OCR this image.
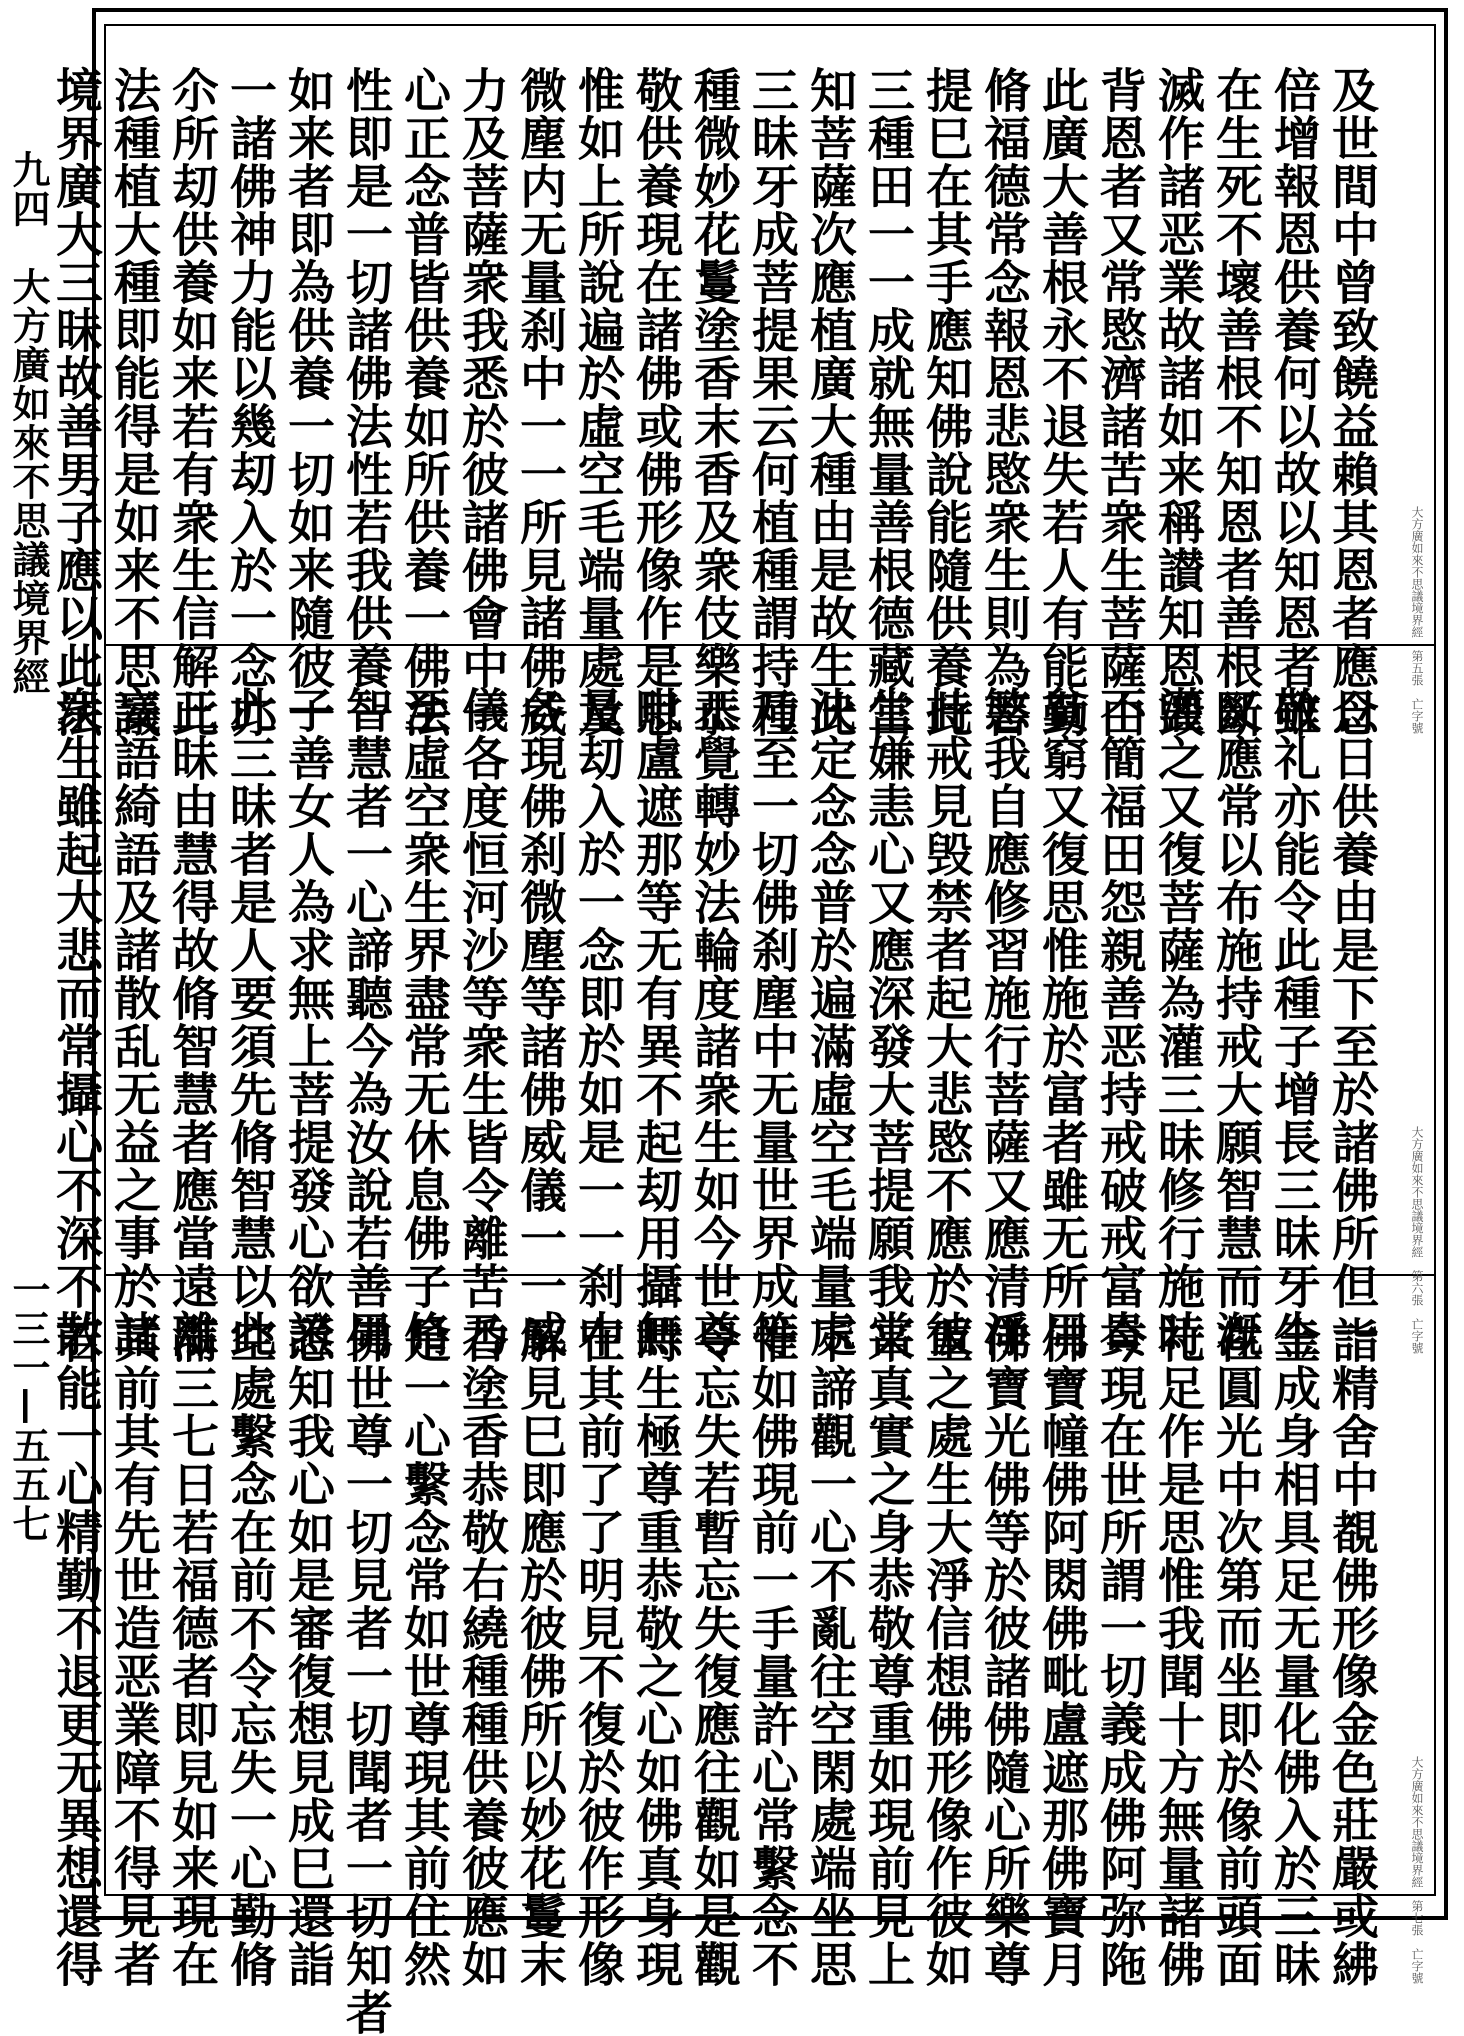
九四　大方廣如來不思議境界經
一三一—五五七
大方廣如來不思議境界經　第五張　亡字號
及世間中曾致饒益賴其恩者應念
倍增報恩供養何以故以知恩者雖
在生死不壞善根不知恩者善根斷
滅作諸恶業故諸如来稱讃知恩毁
背恩者又常愍濟諸苦衆生菩薩由
此廣大善根永不退失若人有能勤
脩福德常念報恩悲愍衆生則為菩
提巳在其手應知佛說能隨供養此
三種田一一成就無量善根德藏當
知菩薩次應植廣大種由是故生此
三昧牙成菩提果云何植種謂持種
種微妙花鬘塗香末香及衆伎樂恭
敬供養現在諸佛或佛形像作是思
惟如上所說遍於虛空毛端量處及
微塵内无量刹中一一所見諸佛威
力及菩薩衆我悉於彼諸佛會中一
心正念普皆供養如所供養一佛法
性即是一切諸佛法性若我供養一
如来者即為供養一切如来隨彼一
一諸佛神力能以幾刧入於一念亦
尒所刧供養如来若有衆生信解此
法種植大種即能得是如来不思議
境界廣大三昧故善男子應以此法
大方廣如來不思議境界經　第六張　亡字號
日日供養由是下至於諸佛所但一
敬礼亦能令此種子增長三昧牙生
又應常以布施持戒大願智慧而漑
灌之又復菩薩為灌三昧修行施時
不簡福田怨親善恶持戒破戒富貴
貧窮又復思惟施於富者雖无所用
慜我自應修習施行菩薩又應清淨
持戒見毁禁者起大悲愍不應於彼
生嫌恚心又應深發大菩提願我當
決定念念普於遍滿虛空毛端量處
乃至一切佛刹塵中无量世界成等
正覺轉妙法輪度諸衆生如今世尊
毗盧遮那等无有異不起刧用攝無
量刧入於一念即於如是一一刹中
各現佛刹微塵等諸佛威儀一一威
儀各度恒河沙等衆生皆令離苦乃
至虛空衆生界盡常无休息佛子脩
智慧者一心諦聽今為汝說若善男
子善女人為求無上菩提發心欲證
此三昧者是人要須先脩智慧以此
三昧由慧得故脩智慧者應當遠離
妄語綺語及諸散乱无益之事於諸
衆生雖起大悲而常攝心不深不散
大方廣如來不思議境界經　第七張　亡字號
詣精舍中覩佛形像金色莊嚴或紼
金成身相具足无量化佛入於三昧
在圓光中次第而坐即於像前頭面
礼足作是思惟我聞十方無量諸佛
今現在世所謂一切義成佛阿弥陁
佛寶幢佛阿閦佛毗盧遮那佛寶月
佛寶光佛等於彼諸佛隨心所樂尊
重之處生大淨信想佛形像作彼如
来真實之身恭敬尊重如現前見上
下諦觀一心不亂往空閑處端坐思
惟如佛現前一手量許心常繫念不
令忘失若暫忘失復應往觀如是觀
時生極尊重恭敬之心如佛真身現
在其前了了明見不復於彼作形像
解見巳即應於彼佛所以妙花鬘末
香塗香恭敬右繞種種供養彼應如
是一心繫念常如世尊現其前住然
佛世尊一切見者一切聞者一切知者
悉知我心如是審復想見成巳還詣
空處繫念在前不令忘失一心勤脩
滿三七日若福德者即見如来現在
其前其有先世造恶業障不得見者
若能一心精勤不退更无異想還得
